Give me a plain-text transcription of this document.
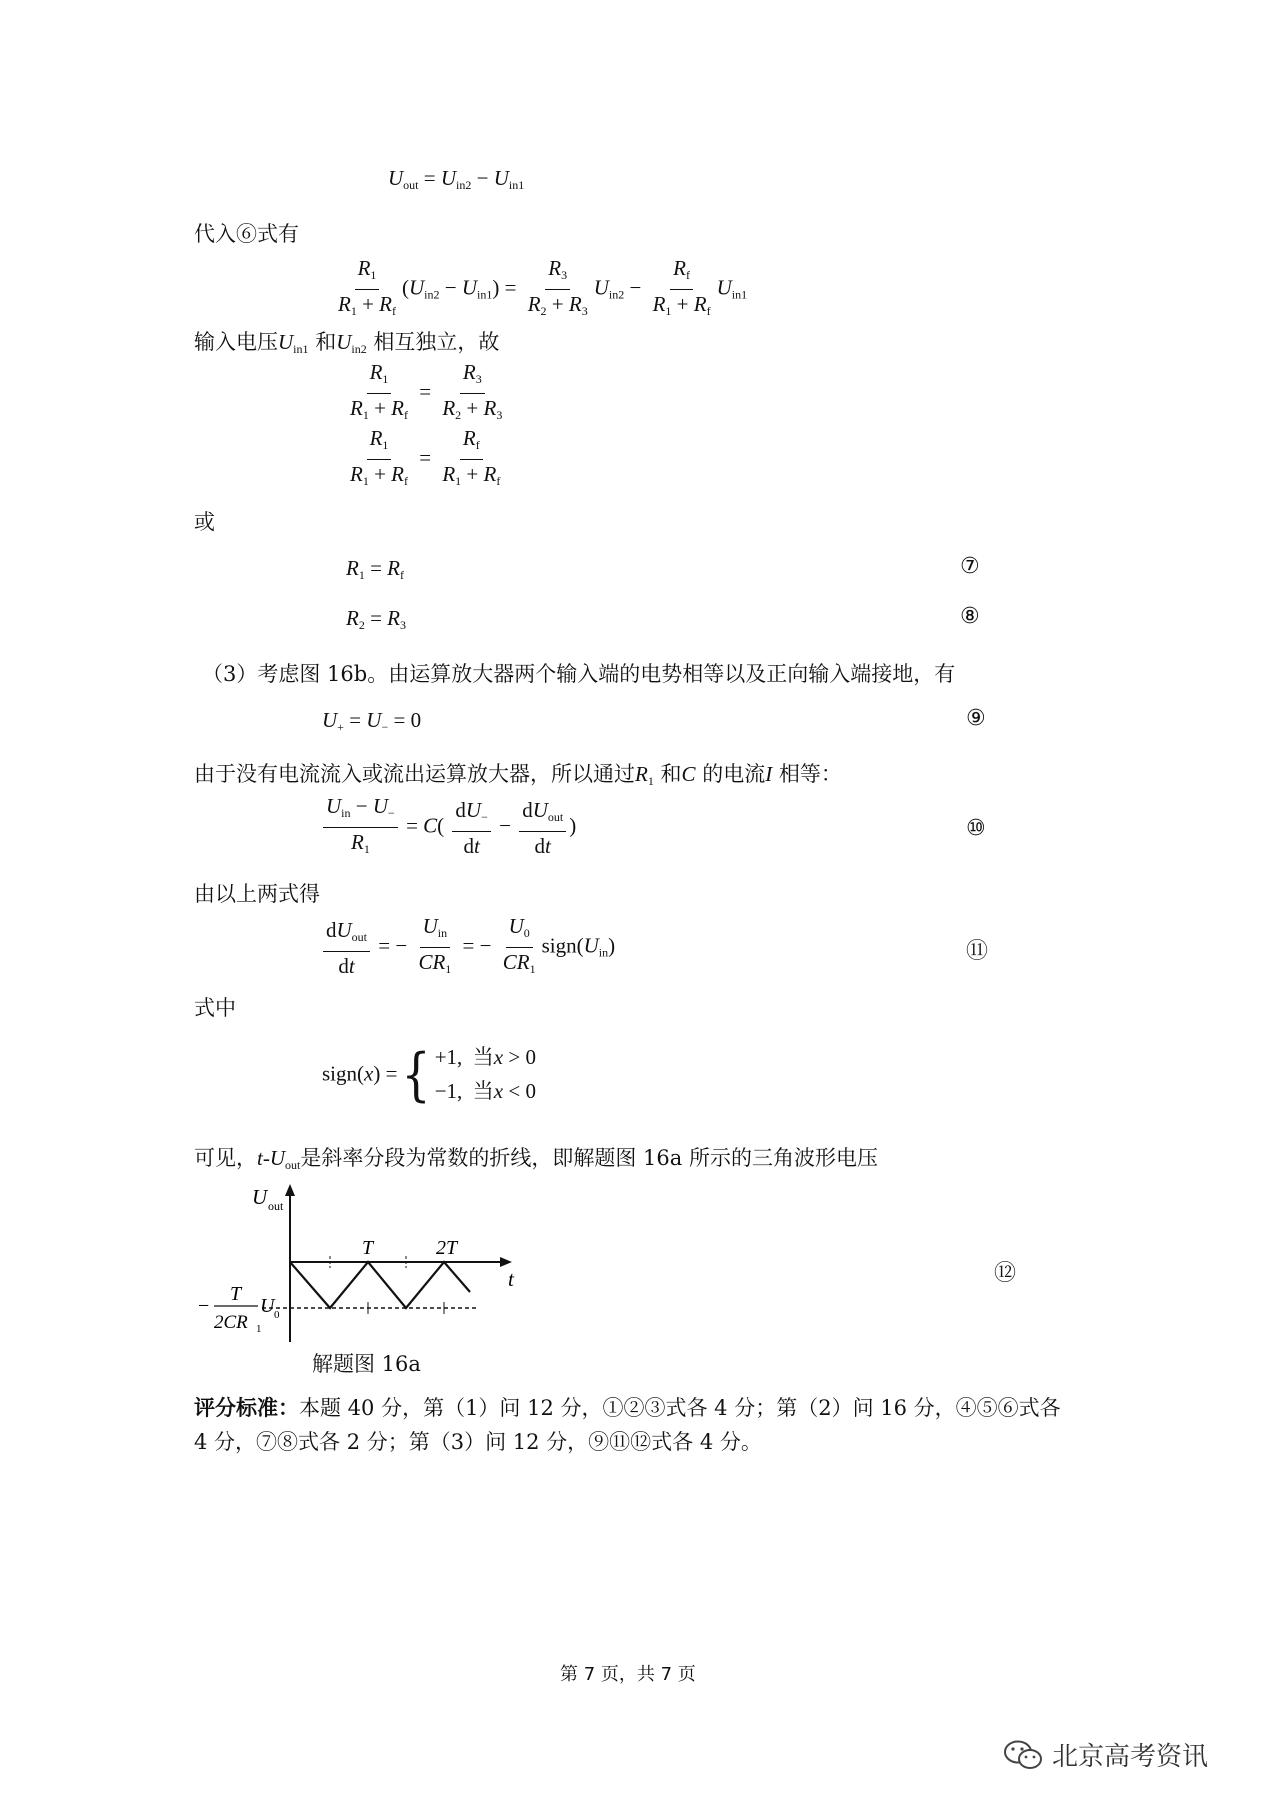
$U_{out} = U_{in2} - U_{in1}$
代入⑥式有
$\frac{R_1}{R_1 + R_f} (U_{in2} - U_{in1}) = \frac{R_3}{R_2 + R_3} U_{in2} - \frac{R_f}{R_1 + R_f} U_{in1}$
输入电压$U_{in1}$ 和$U_{in2}$ 相互独立，故
$\frac{R_1}{R_1 + R_f} = \frac{R_3}{R_2 + R_3}$
$\frac{R_1}{R_1 + R_f} = \frac{R_f}{R_1 + R_f}$
或
$R_1 = R_f$	⑦
$R_2 = R_3$	⑧
（3）考虑图 16b。由运算放大器两个输入端的电势相等以及正向输入端接地，有
$U_+ = U_- = 0$	⑨
由于没有电流流入或流出运算放大器，所以通过$R_1$ 和C 的电流I 相等：
$\frac{U_{in} - U_-}{R_1} = C( \frac{dU_-}{dt} - \frac{dU_{out}}{dt}$ )	⑩
由以上两式得
$\frac{dU_{out}}{dt}$ = − $\frac{U_{in}}{CR_1}$ = − $\frac{U_0}{CR_1}$ $sign(U_{in})$	⑪
式中
sign(x) ={ +1,  当x > 0
−1,  当x < 0
可见，$t-U_{out}$是斜率分段为常数的折线，即解题图 16a 所示的三角波形电压
U out
t
T	2T
−
T
2CR 1
U 0
⑫
解题图 16a
评分标准：本题 40 分，第（1）问 12 分，①②③式各 4 分；第（2）问 16 分，④⑤⑥式各
4 分，⑦⑧式各 2 分；第（3）问 12 分，⑨⑪⑫式各 4 分。
第 7 页，共 7 页
北京高考资讯
